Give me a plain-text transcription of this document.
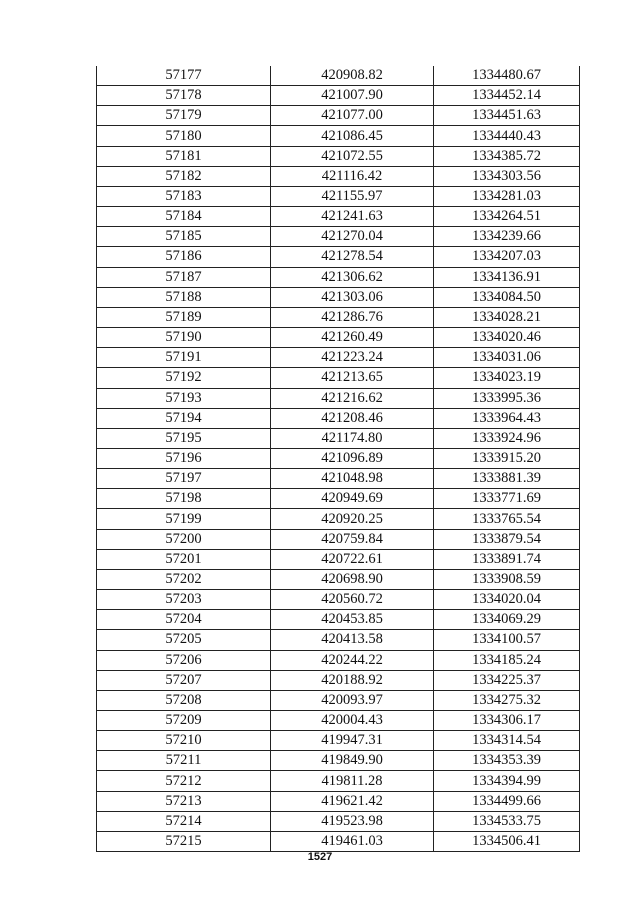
57177	420908.82	1334480.67
57178	421007.90	1334452.14
57179	421077.00	1334451.63
57180	421086.45	1334440.43
57181	421072.55	1334385.72
57182	421116.42	1334303.56
57183	421155.97	1334281.03
57184	421241.63	1334264.51
57185	421270.04	1334239.66
57186	421278.54	1334207.03
57187	421306.62	1334136.91
57188	421303.06	1334084.50
57189	421286.76	1334028.21
57190	421260.49	1334020.46
57191	421223.24	1334031.06
57192	421213.65	1334023.19
57193	421216.62	1333995.36
57194	421208.46	1333964.43
57195	421174.80	1333924.96
57196	421096.89	1333915.20
57197	421048.98	1333881.39
57198	420949.69	1333771.69
57199	420920.25	1333765.54
57200	420759.84	1333879.54
57201	420722.61	1333891.74
57202	420698.90	1333908.59
57203	420560.72	1334020.04
57204	420453.85	1334069.29
57205	420413.58	1334100.57
57206	420244.22	1334185.24
57207	420188.92	1334225.37
57208	420093.97	1334275.32
57209	420004.43	1334306.17
57210	419947.31	1334314.54
57211	419849.90	1334353.39
57212	419811.28	1334394.99
57213	419621.42	1334499.66
57214	419523.98	1334533.75
57215	419461.03	1334506.41
1527
